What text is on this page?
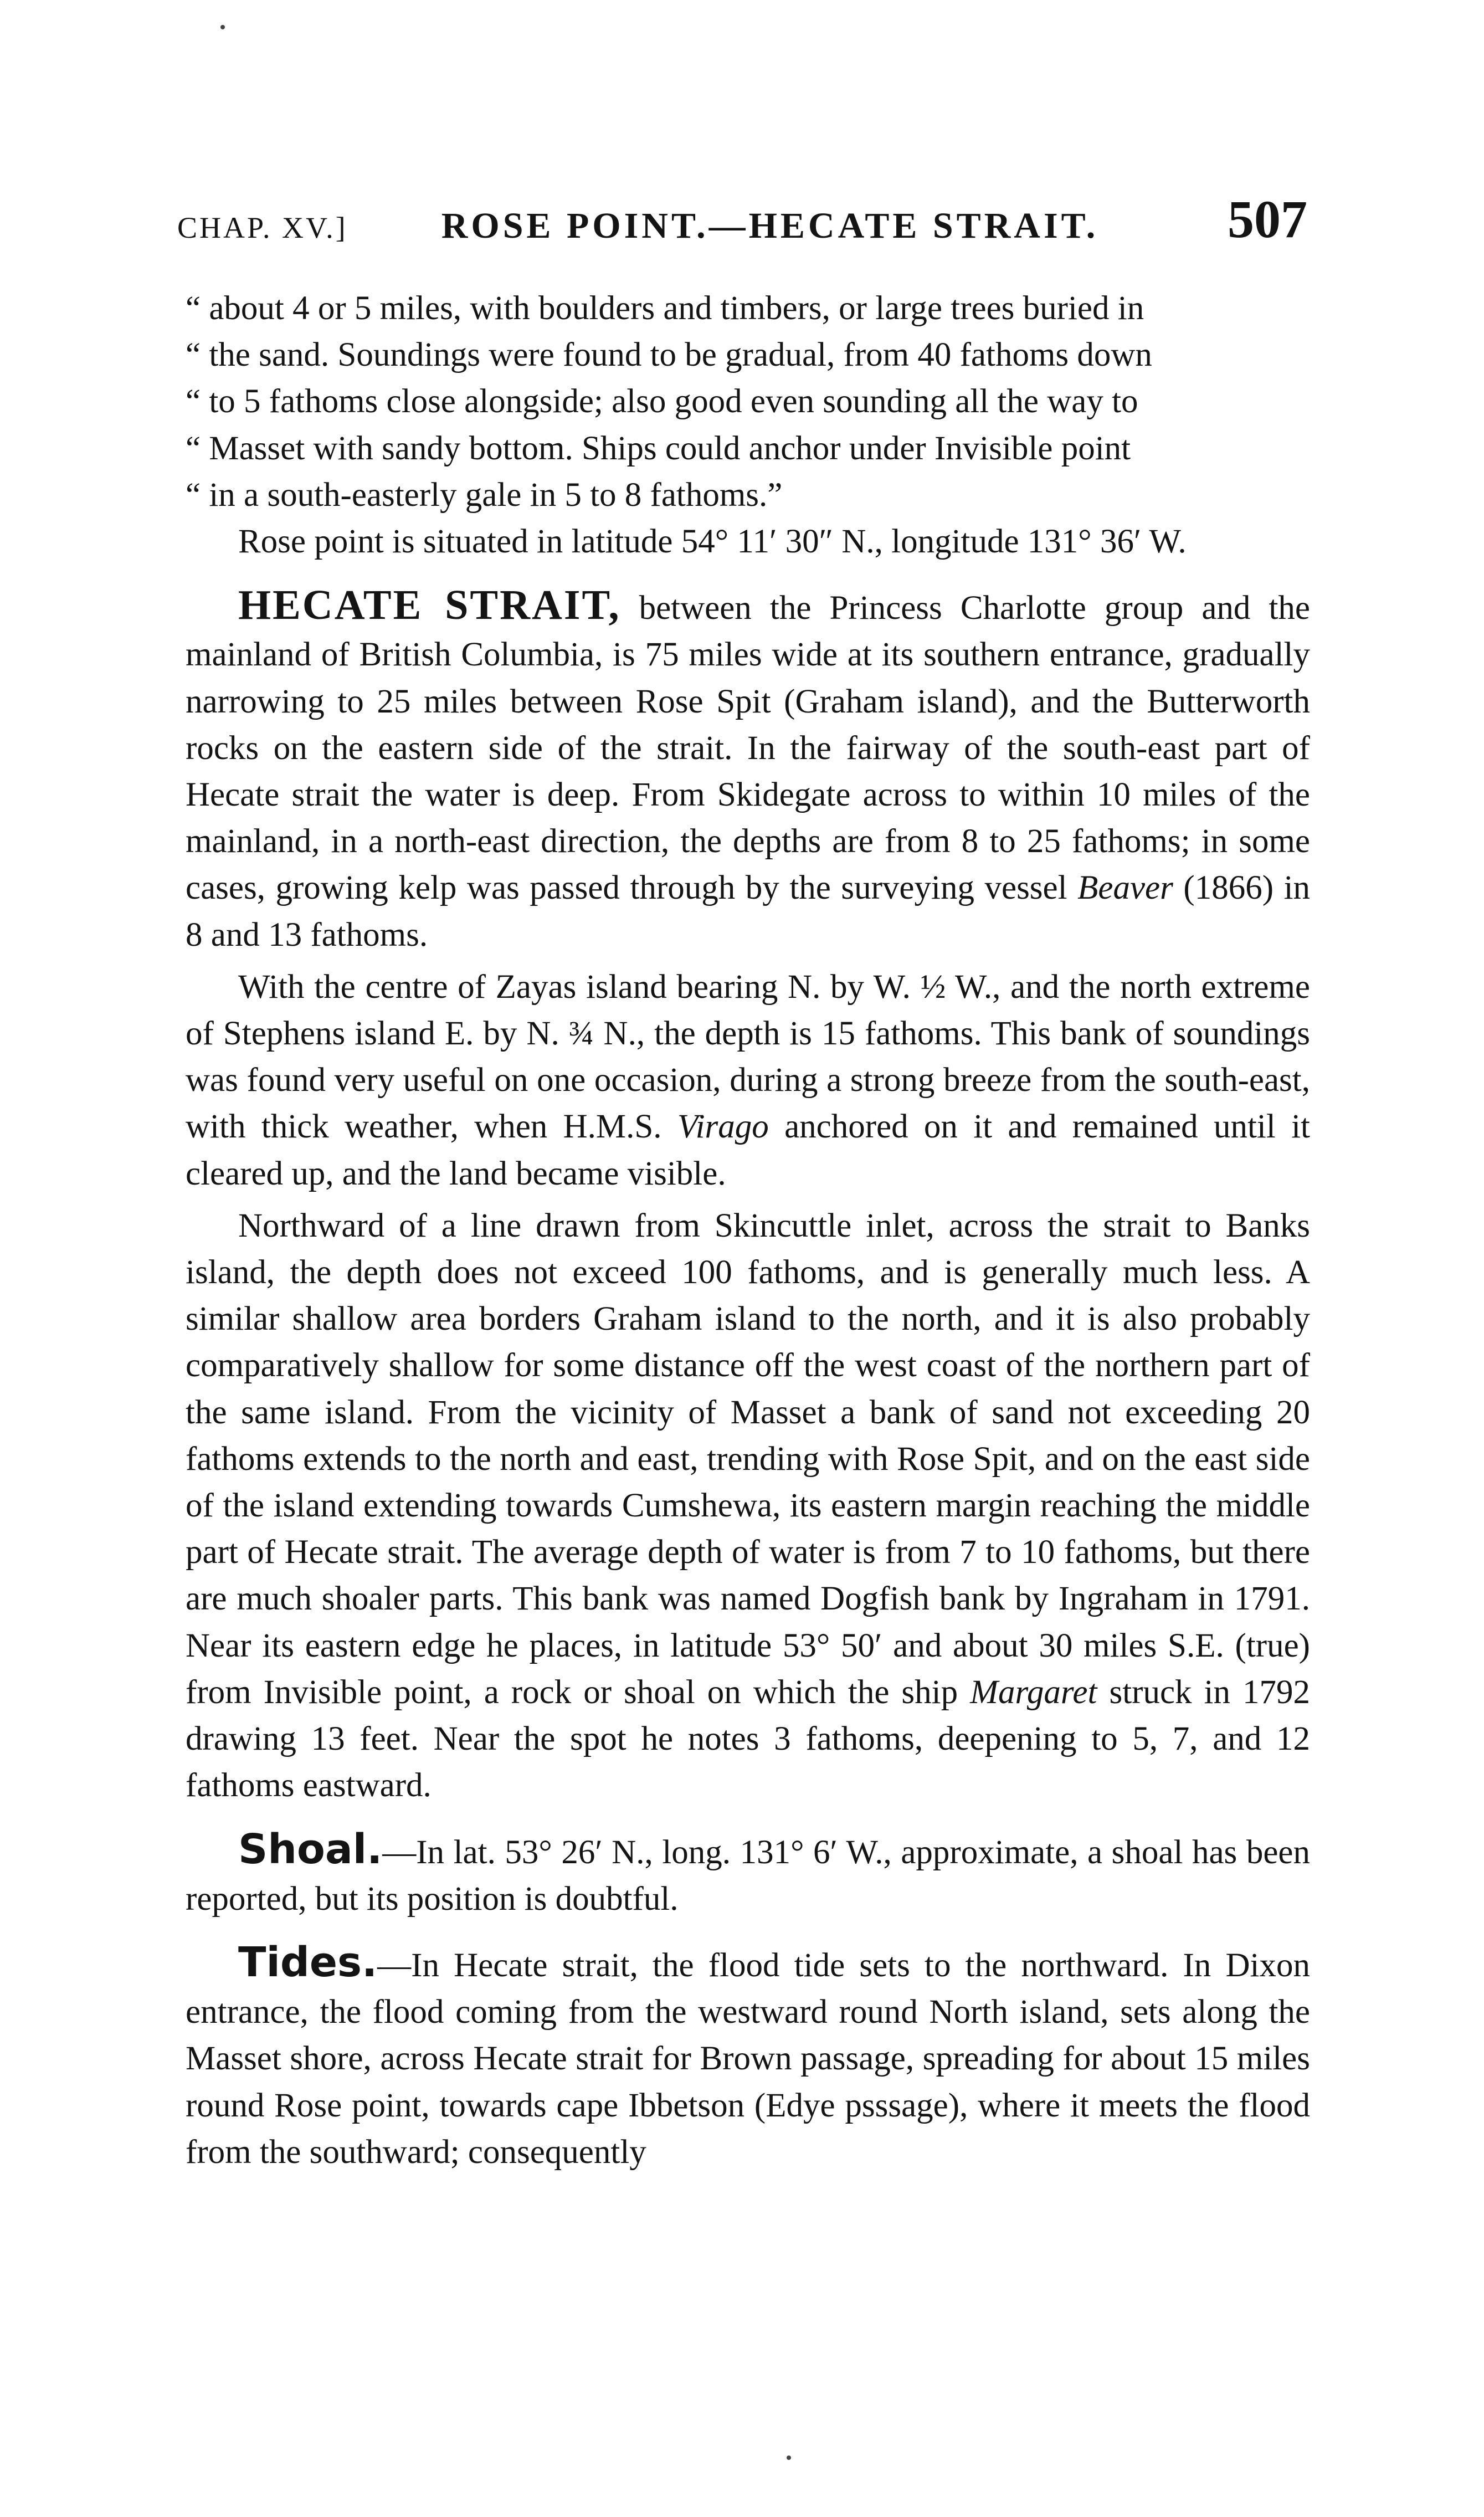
CHAP. XV.]	ROSE POINT.—HECATE STRAIT.	507

“ about 4 or 5 miles, with boulders and timbers, or large trees buried in

“ the sand. Soundings were found to be gradual, from 40 fathoms down

“ to 5 fathoms close alongside; also good even sounding all the way to

“ Masset with sandy bottom. Ships could anchor under Invisible point

“ in a south-easterly gale in 5 to 8 fathoms.”

Rose point is situated in latitude 54° 11′ 30″ N., longitude 131° 36′ W.

HECATE STRAIT, between the Princess Charlotte group and the mainland of British Columbia, is 75 miles wide at its southern entrance, gradually narrowing to 25 miles between Rose Spit (Graham island), and the Butterworth rocks on the eastern side of the strait. In the fairway of the south-east part of Hecate strait the water is deep. From Skidegate across to within 10 miles of the mainland, in a north-east direction, the depths are from 8 to 25 fathoms; in some cases, growing kelp was passed through by the surveying vessel Beaver (1866) in 8 and 13 fathoms.

With the centre of Zayas island bearing N. by W. ½ W., and the north extreme of Stephens island E. by N. ¾ N., the depth is 15 fathoms. This bank of soundings was found very useful on one occasion, during a strong breeze from the south-east, with thick weather, when H.M.S. Virago anchored on it and remained until it cleared up, and the land became visible.

Northward of a line drawn from Skincuttle inlet, across the strait to Banks island, the depth does not exceed 100 fathoms, and is generally much less. A similar shallow area borders Graham island to the north, and it is also probably comparatively shallow for some distance off the west coast of the northern part of the same island. From the vicinity of Masset a bank of sand not exceeding 20 fathoms extends to the north and east, trending with Rose Spit, and on the east side of the island extending towards Cumshewa, its eastern margin reaching the middle part of Hecate strait. The average depth of water is from 7 to 10 fathoms, but there are much shoaler parts. This bank was named Dogfish bank by Ingraham in 1791. Near its eastern edge he places, in latitude 53° 50′ and about 30 miles S.E. (true) from Invisible point, a rock or shoal on which the ship Margaret struck in 1792 drawing 13 feet. Near the spot he notes 3 fathoms, deepening to 5, 7, and 12 fathoms eastward.

Shoal.—In lat. 53° 26′ N., long. 131° 6′ W., approximate, a shoal has been reported, but its position is doubtful.

Tides.—In Hecate strait, the flood tide sets to the northward. In Dixon entrance, the flood coming from the westward round North island, sets along the Masset shore, across Hecate strait for Brown passage, spreading for about 15 miles round Rose point, towards cape Ibbetson (Edye psssage), where it meets the flood from the southward; consequently
